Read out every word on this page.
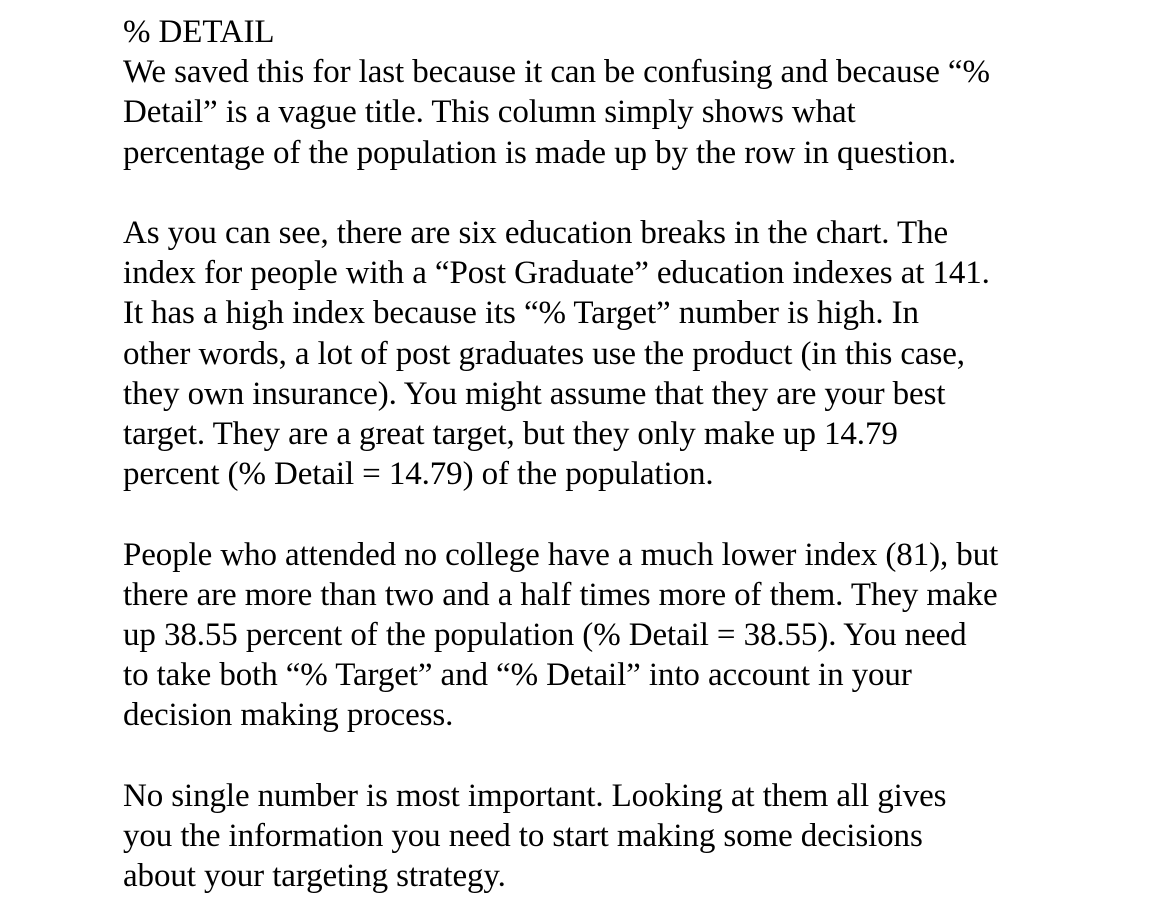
% DETAIL
We saved this for last because it can be confusing and because “%
Detail” is a vague title. This column simply shows what
percentage of the population is made up by the row in question.
As you can see, there are six education breaks in the chart. The
index for people with a “Post Graduate” education indexes at 141.
It has a high index because its “% Target” number is high. In
other words, a lot of post graduates use the product (in this case,
they own insurance). You might assume that they are your best
target. They are a great target, but they only make up 14.79
percent (% Detail = 14.79) of the population.
People who attended no college have a much lower index (81), but
there are more than two and a half times more of them. They make
up 38.55 percent of the population (% Detail = 38.55). You need
to take both “% Target” and “% Detail” into account in your
decision making process.
No single number is most important. Looking at them all gives
you the information you need to start making some decisions
about your targeting strategy.
